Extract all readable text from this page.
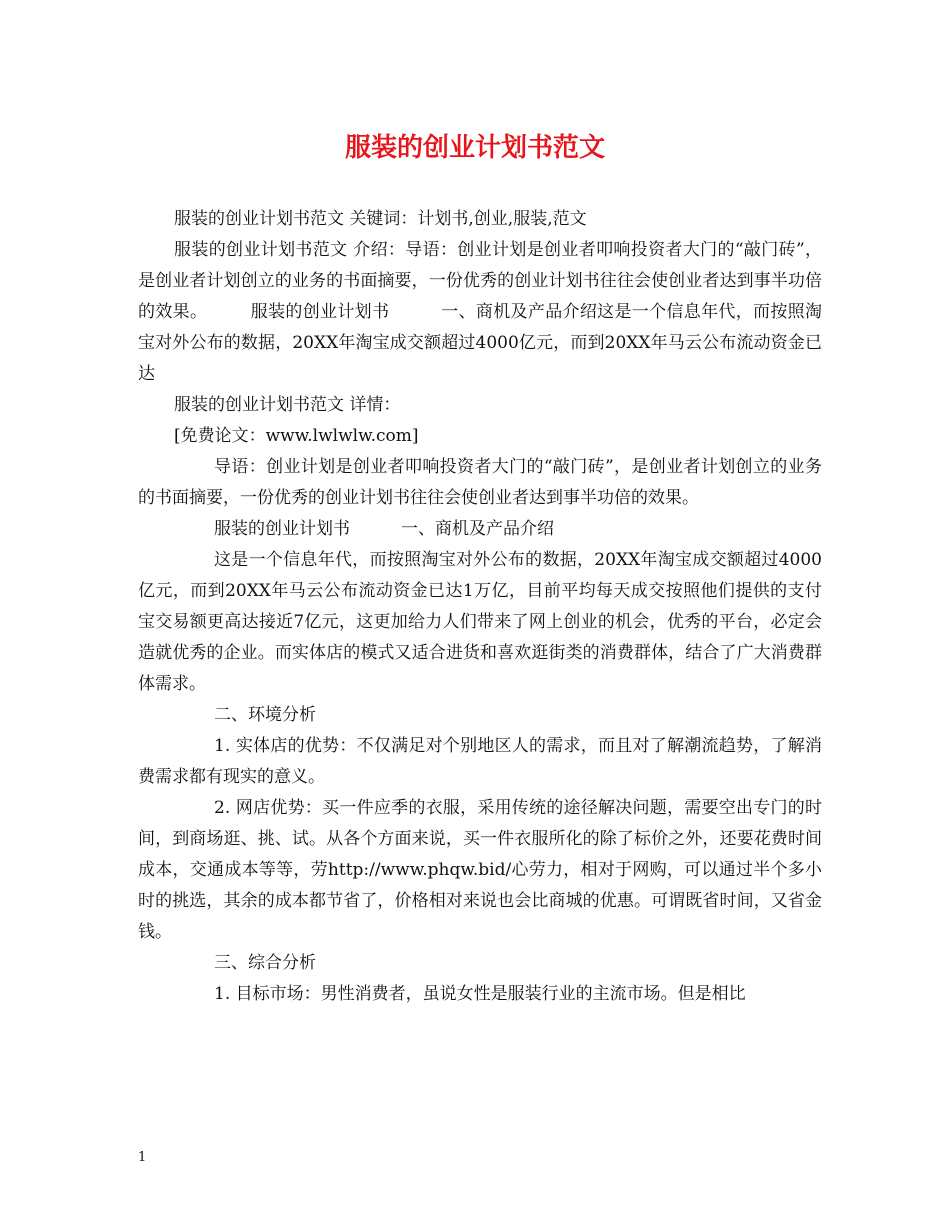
服装的创业计划书范文

服装的创业计划书范文 关键词：计划书,创业,服装,范文

服装的创业计划书范文 介绍：导语：创业计划是创业者叩响投资者大门的“敲门砖”，是创业者计划创立的业务的书面摘要，一份优秀的创业计划书往往会使创业者达到事半功倍的效果。　　　服装的创业计划书　　　一、商机及产品介绍这是一个信息年代，而按照淘宝对外公布的数据，20XX年淘宝成交额超过4000亿元，而到20XX年马云公布流动资金已达

服装的创业计划书范文 详情：

[免费论文：www.lwlwlw.com]

导语：创业计划是创业者叩响投资者大门的“敲门砖”，是创业者计划创立的业务的书面摘要，一份优秀的创业计划书往往会使创业者达到事半功倍的效果。

服装的创业计划书　　　一、商机及产品介绍

这是一个信息年代，而按照淘宝对外公布的数据，20XX年淘宝成交额超过4000亿元，而到20XX年马云公布流动资金已达1万亿，目前平均每天成交按照他们提供的支付宝交易额更高达接近7亿元，这更加给力人们带来了网上创业的机会，优秀的平台，必定会造就优秀的企业。而实体店的模式又适合进货和喜欢逛街类的消费群体，结合了广大消费群体需求。

二、环境分析

1. 实体店的优势：不仅满足对个别地区人的需求，而且对了解潮流趋势，了解消费需求都有现实的意义。

2. 网店优势：买一件应季的衣服，采用传统的途径解决问题，需要空出专门的时间，到商场逛、挑、试。从各个方面来说，买一件衣服所化的除了标价之外，还要花费时间成本，交通成本等等，劳http://www.phqw.bid/心劳力，相对于网购，可以通过半个多小时的挑选，其余的成本都节省了，价格相对来说也会比商城的优惠。可谓既省时间，又省金钱。

三、综合分析

1. 目标市场：男性消费者，虽说女性是服装行业的主流市场。但是相比

1
